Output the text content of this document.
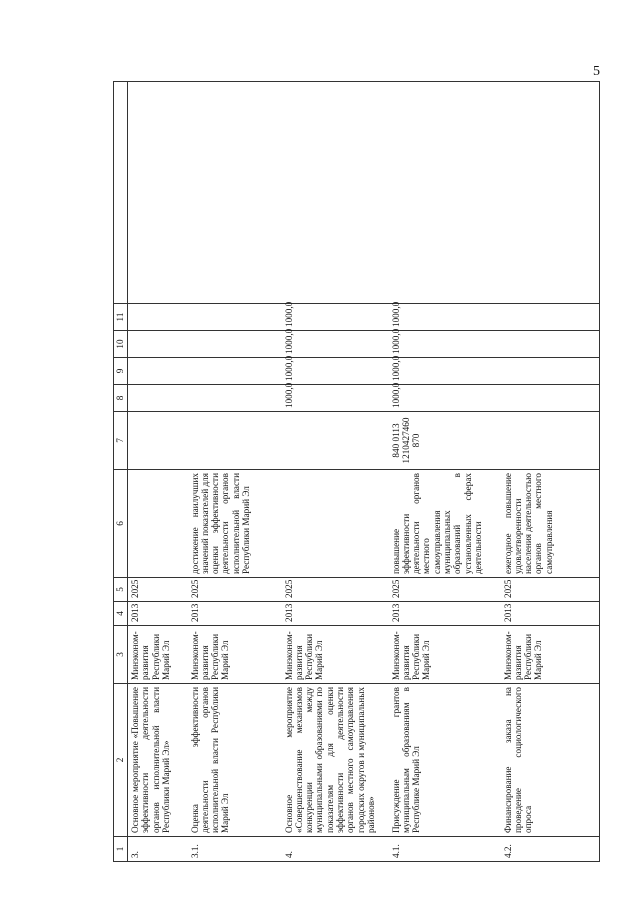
5
1	2	3	4	5	6	7	8	9	10	11	
3.	Основное мероприятие «Повышение эффективности деятельности органов исполнительной власти Республики Марий Эл»	Минэконом-развития Республики Марий Эл	2013	2025							
3.1.	Оценка эффективности деятельности органов исполнительной власти Республики Марий Эл	Минэконом-развития Республики Марий Эл	2013	2025	достижение наилучших значений показателей для оценки эффективности деятельности органов исполнительной власти Республики Марий Эл						
4.	Основное мероприятие «Совершенствование механизмов конкуренции между муниципальными образованиями по показателям для оценки эффективности деятельности органов местного самоуправления городских округов и муниципальных районов»	Минэконом-развития Республики Марий Эл	2013	2025			1000,0	1000,0	1000,0	1000,0	
4.1.	Присуждение грантов муниципальным образованиям в Республике Марий Эл	Минэконом-развития Республики Марий Эл	2013	2025	повышение эффективности деятельности органов местного самоуправления муниципальных образований в установленных сферах деятельности	840 0113 1210427460 870	1000,0	1000,0	1000,0	1000,0	
4.2.	Финансирование заказа на проведение социологического опроса	Минэконом-развития Республики Марий Эл	2013	2025	ежегодное повышение удовлетворенности населения деятельностью органов местного самоуправления						
